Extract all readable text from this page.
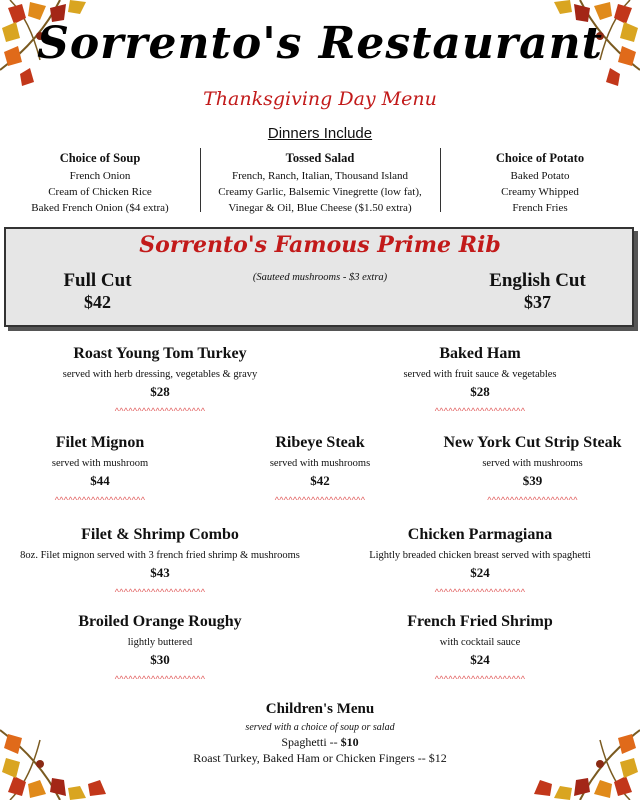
Sorrento's Restaurant
Thanksgiving Day Menu
Dinners Include
Choice of Soup
French Onion
Cream of Chicken Rice
Baked French Onion ($4 extra)
Tossed Salad
French, Ranch, Italian, Thousand Island
Creamy Garlic, Balsemic Vinegrette (low fat),
Vinegar & Oil, Blue Cheese ($1.50 extra)
Choice of Potato
Baked Potato
Creamy Whipped
French Fries
Sorrento's Famous Prime Rib
Full Cut
$42
(Sauteed mushrooms - $3 extra)	English Cut
$37
Roast Young Tom Turkey
served with herb dressing, vegetables & gravy
$28
^^^^^^^^^^^^^^^^^^^^
Baked Ham
served with fruit sauce & vegetables
$28
^^^^^^^^^^^^^^^^^^^^
Filet Mignon
served with mushroom
$44
^^^^^^^^^^^^^^^^^^^^
Ribeye Steak
served with mushrooms
$42
^^^^^^^^^^^^^^^^^^^^
New York Cut Strip Steak
served with mushrooms
$39
^^^^^^^^^^^^^^^^^^^^
Filet & Shrimp Combo
8oz. Filet mignon served with 3 french fried shrimp & mushrooms
$43
^^^^^^^^^^^^^^^^^^^^
Chicken Parmagiana
Lightly breaded chicken breast served with spaghetti
$24
^^^^^^^^^^^^^^^^^^^^
Broiled Orange Roughy
lightly buttered
$30
^^^^^^^^^^^^^^^^^^^^
French Fried Shrimp
with cocktail sauce
$24
^^^^^^^^^^^^^^^^^^^^
Children's Menu
served with a choice of soup or salad
Spaghetti -- $10
Roast Turkey, Baked Ham or Chicken Fingers -- $12
